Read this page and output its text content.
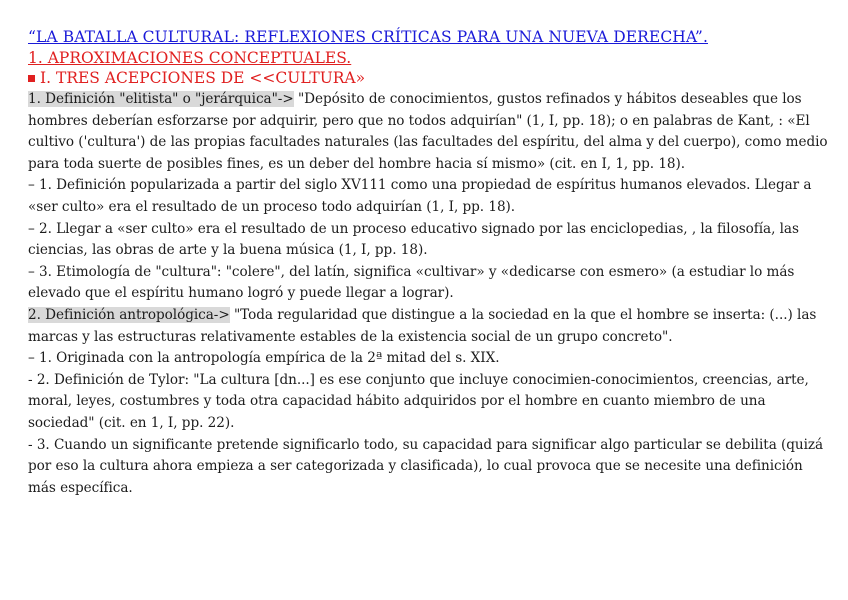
“LA BATALLA CULTURAL: REFLEXIONES CRÍTICAS PARA UNA NUEVA DERECHA”.
1. APROXIMACIONES CONCEPTUALES.
I. TRES ACEPCIONES DE <<CULTURA»

1. Definición "elitista" o "jerárquica"-> "Depósito de conocimientos, gustos refinados y hábitos deseables que los hombres deberían esforzarse por adquirir, pero que no todos adquirían" (1, I, pp. 18); o en palabras de Kant, : «El cultivo ('cultura') de las propias facultades naturales (las facultades del espíritu, del alma y del cuerpo), como medio para toda suerte de posibles fines, es un deber del hombre hacia sí mismo» (cit. en I, 1, pp. 18).

– 1. Definición popularizada a partir del siglo XV111 como una propiedad de espíritus humanos elevados. Llegar a «ser culto» era el resultado de un proceso todo adquirían (1, I, pp. 18).

– 2. Llegar a «ser culto» era el resultado de un proceso educativo signado por las enciclopedias, , la filosofía, las ciencias, las obras de arte y la buena música (1, I, pp. 18).

– 3. Etimología de "cultura": "colere", del latín, significa «cultivar» y «dedicarse con esmero» (a estudiar lo más elevado que el espíritu humano logró y puede llegar a lograr).

2. Definición antropológica-> "Toda regularidad que distingue a la sociedad en la que el hombre se inserta: (...) las marcas y las estructuras relativamente estables de la existencia social de un grupo concreto".

– 1. Originada con la antropología empírica de la 2ª mitad del s. XIX.

- 2. Definición de Tylor: "La cultura [dn...] es ese conjunto que incluye conocimien-conocimientos, creencias, arte, moral, leyes, costumbres y toda otra capacidad hábito adquiridos por el hombre en cuanto miembro de una sociedad" (cit. en 1, I, pp. 22).

- 3. Cuando un significante pretende significarlo todo, su capacidad para significar algo particular se debilita (quizá por eso la cultura ahora empieza a ser categorizada y clasificada), lo cual provoca que se necesite una definición más específica.
